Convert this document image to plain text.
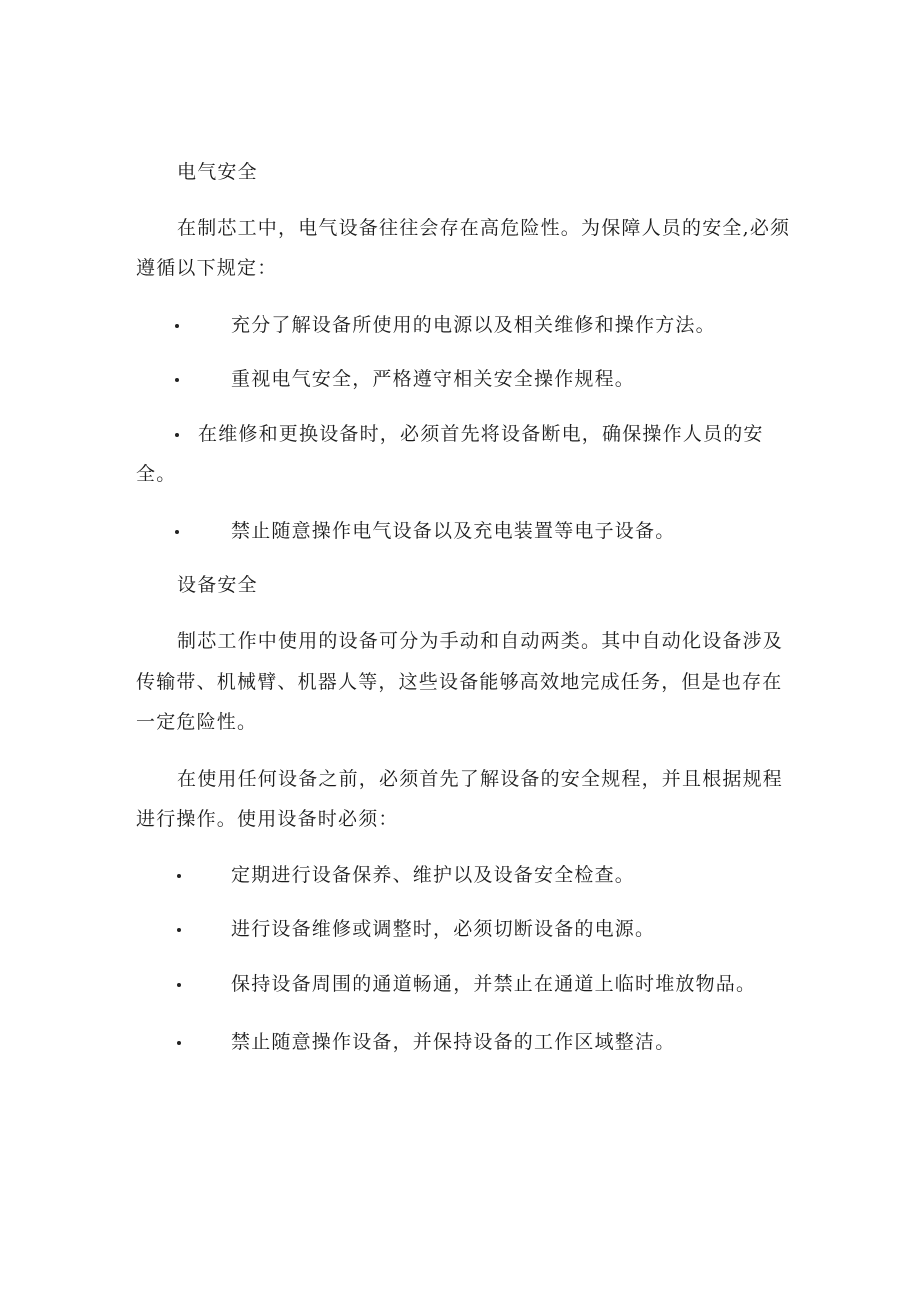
电气安全
在制芯工中，电气设备往往会存在高危险性。为保障人员的安全,必须
遵循以下规定：
充分了解设备所使用的电源以及相关维修和操作方法。
重视电气安全，严格遵守相关安全操作规程。
在维修和更换设备时，必须首先将设备断电，确保操作人员的安
全。
禁止随意操作电气设备以及充电装置等电子设备。
设备安全
制芯工作中使用的设备可分为手动和自动两类。其中自动化设备涉及
传输带、机械臂、机器人等，这些设备能够高效地完成任务，但是也存在
一定危险性。
在使用任何设备之前，必须首先了解设备的安全规程，并且根据规程
进行操作。使用设备时必须：
定期进行设备保养、维护以及设备安全检查。
进行设备维修或调整时，必须切断设备的电源。
保持设备周围的通道畅通，并禁止在通道上临时堆放物品。
禁止随意操作设备，并保持设备的工作区域整洁。
